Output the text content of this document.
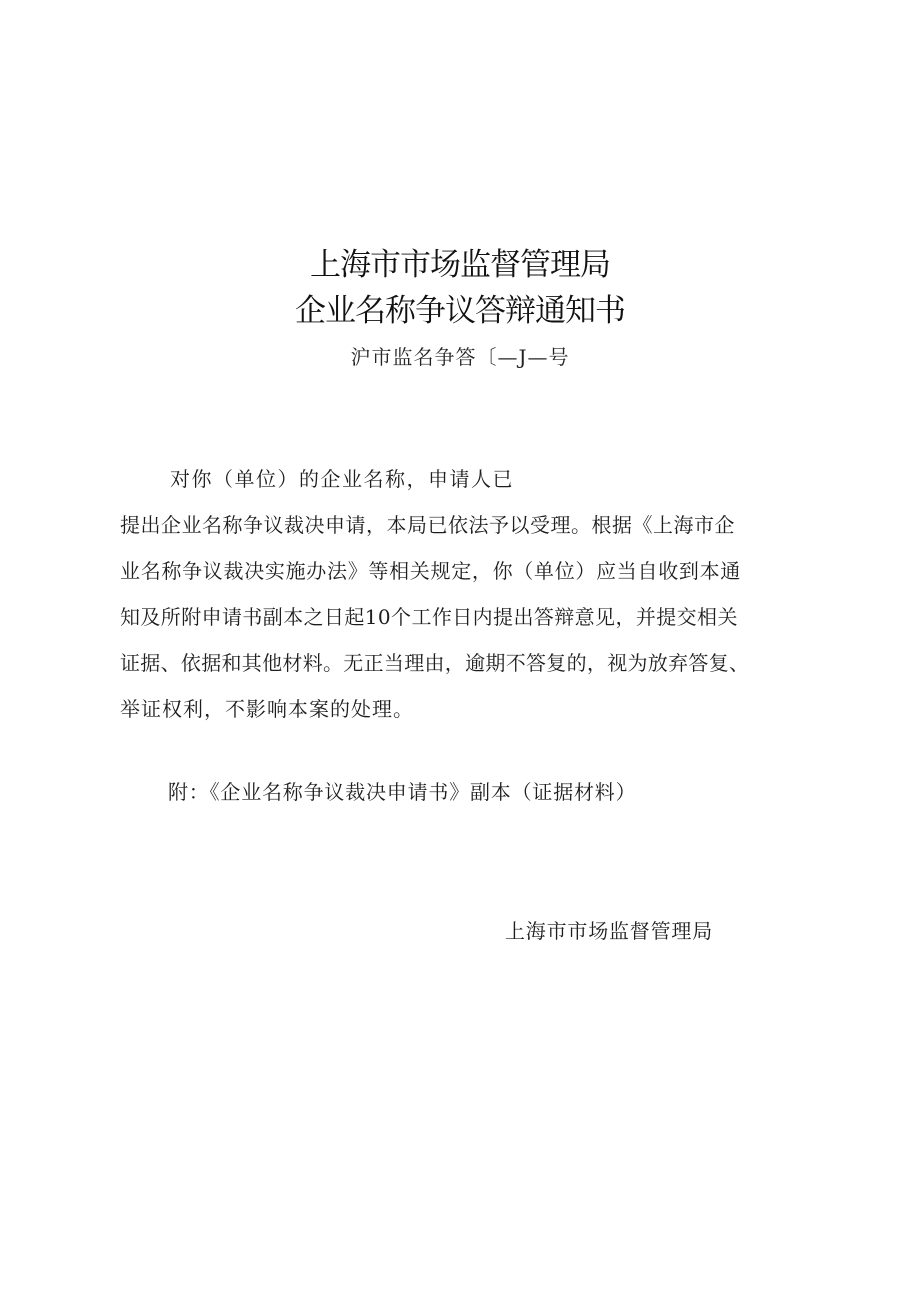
上海市市场监督管理局
企业名称争议答辩通知书
沪市监名争答〔—J—号
对你（单位）的企业名称，申请人已
提出企业名称争议裁决申请，本局已依法予以受理。根据《上海市企
业名称争议裁决实施办法》等相关规定，你（单位）应当自收到本通
知及所附申请书副本之日起10个工作日内提出答辩意见，并提交相关
证据、依据和其他材料。无正当理由，逾期不答复的，视为放弃答复、
举证权利，不影响本案的处理。
附：《企业名称争议裁决申请书》副本（证据材料）
上海市市场监督管理局
